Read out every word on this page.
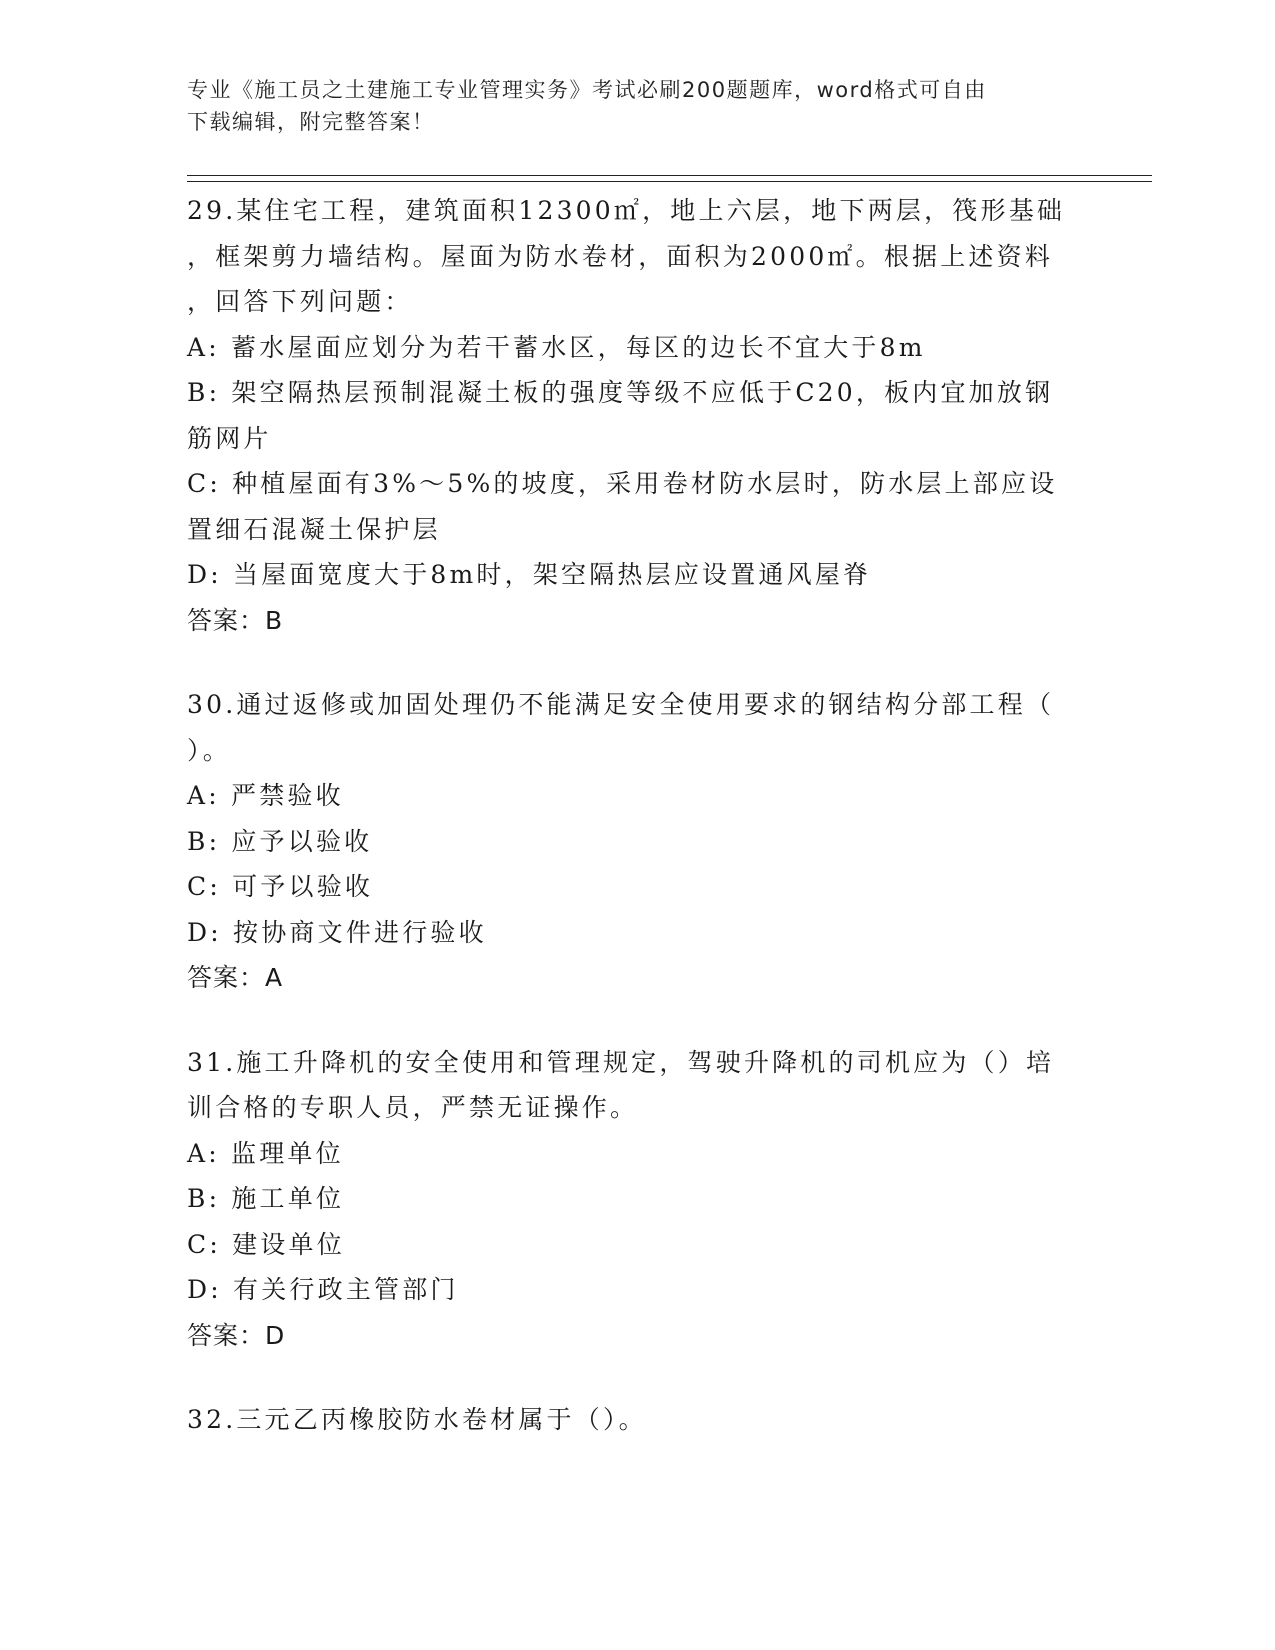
专业《施工员之土建施工专业管理实务》考试必刷200题题库，word格式可自由
下载编辑，附完整答案！

29.某住宅工程，建筑面积12300㎡，地上六层，地下两层，筏形基础
，框架剪力墙结构。屋面为防水卷材，面积为2000㎡。根据上述资料
，回答下列问题：

A: 蓄水屋面应划分为若干蓄水区，每区的边长不宜大于8m

B: 架空隔热层预制混凝土板的强度等级不应低于C20，板内宜加放钢
筋网片

C: 种植屋面有3%～5%的坡度，采用卷材防水层时，防水层上部应设
置细石混凝土保护层

D: 当屋面宽度大于8m时，架空隔热层应设置通风屋脊

答案：B

30.通过返修或加固处理仍不能满足安全使用要求的钢结构分部工程（
）。

A: 严禁验收

B: 应予以验收

C: 可予以验收

D: 按协商文件进行验收

答案：A

31.施工升降机的安全使用和管理规定，驾驶升降机的司机应为（）培
训合格的专职人员，严禁无证操作。

A: 监理单位

B: 施工单位

C: 建设单位

D: 有关行政主管部门

答案：D

32.三元乙丙橡胶防水卷材属于（）。
